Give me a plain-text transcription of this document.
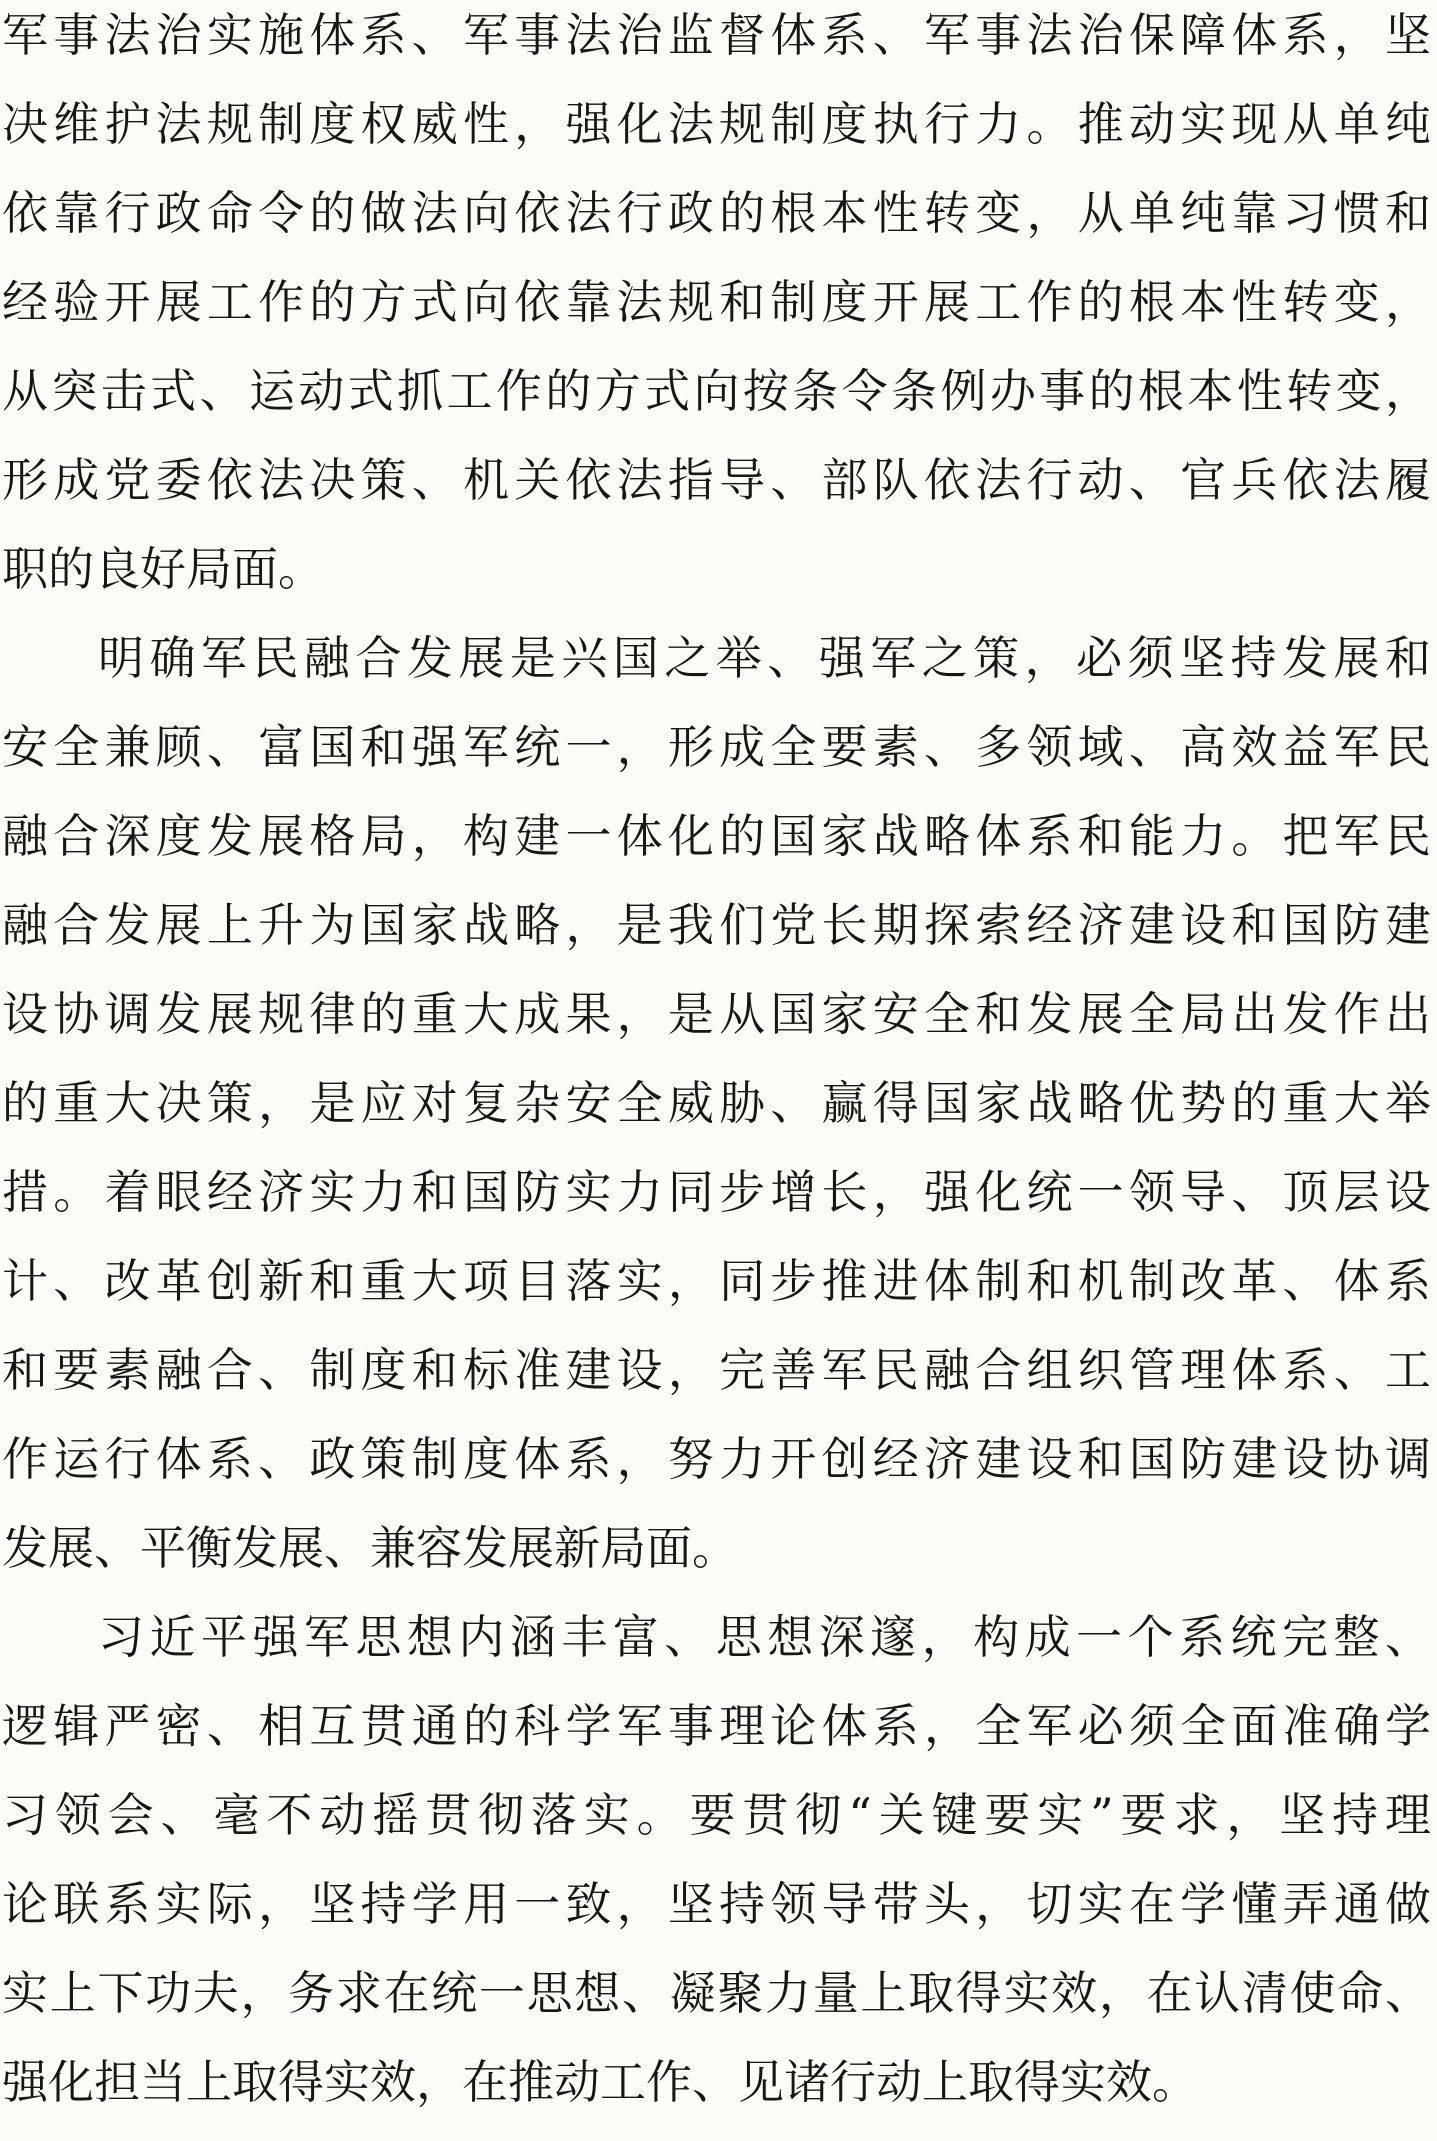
军事法治实施体系、军事法治监督体系、军事法治保障体系，坚
决维护法规制度权威性，强化法规制度执行力。推动实现从单纯
依靠行政命令的做法向依法行政的根本性转变，从单纯靠习惯和
经验开展工作的方式向依靠法规和制度开展工作的根本性转变，
从突击式、运动式抓工作的方式向按条令条例办事的根本性转变，
形成党委依法决策、机关依法指导、部队依法行动、官兵依法履
职的良好局面。
明确军民融合发展是兴国之举、强军之策，必须坚持发展和
安全兼顾、富国和强军统一，形成全要素、多领域、高效益军民
融合深度发展格局，构建一体化的国家战略体系和能力。把军民
融合发展上升为国家战略，是我们党长期探索经济建设和国防建
设协调发展规律的重大成果，是从国家安全和发展全局出发作出
的重大决策，是应对复杂安全威胁、赢得国家战略优势的重大举
措。着眼经济实力和国防实力同步增长，强化统一领导、顶层设
计、改革创新和重大项目落实，同步推进体制和机制改革、体系
和要素融合、制度和标准建设，完善军民融合组织管理体系、工
作运行体系、政策制度体系，努力开创经济建设和国防建设协调
发展、平衡发展、兼容发展新局面。
习近平强军思想内涵丰富、思想深邃，构成一个系统完整、
逻辑严密、相互贯通的科学军事理论体系，全军必须全面准确学
习领会、毫不动摇贯彻落实。要贯彻“关键要实”要求，坚持理
论联系实际，坚持学用一致，坚持领导带头，切实在学懂弄通做
实上下功夫，务求在统一思想、凝聚力量上取得实效，在认清使命、
强化担当上取得实效，在推动工作、见诸行动上取得实效。
